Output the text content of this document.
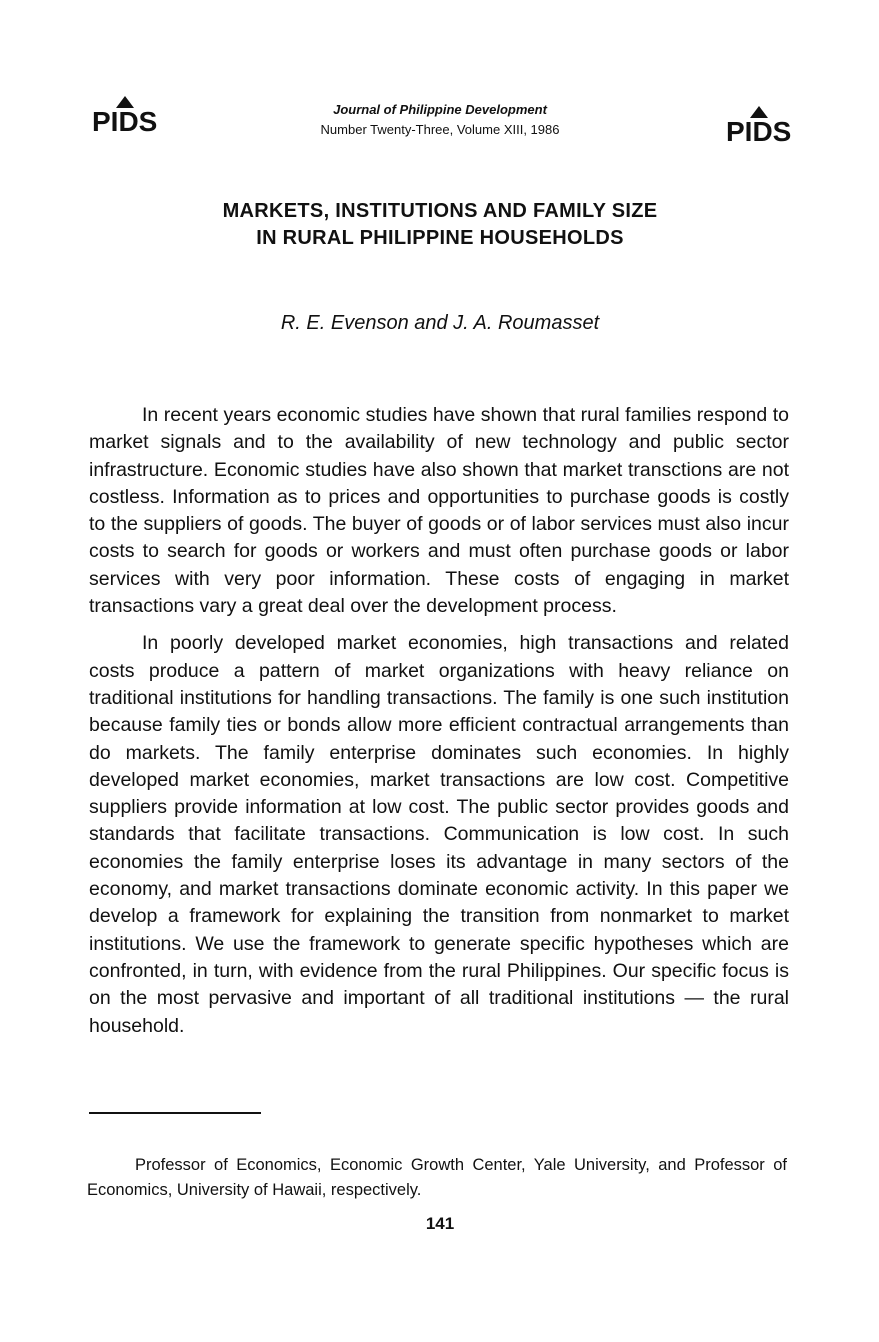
PIDS	Journal of Philippine Development
Number Twenty-Three, Volume XIII, 1986	PIDS
MARKETS, INSTITUTIONS AND FAMILY SIZE
IN RURAL PHILIPPINE HOUSEHOLDS
R. E. Evenson and J. A. Roumasset

In recent years economic studies have shown that rural families respond to market signals and to the availability of new technology and public sector infrastructure. Economic studies have also shown that market transctions are not costless. Information as to prices and opportunities to purchase goods is costly to the suppliers of goods. The buyer of goods or of labor services must also incur costs to search for goods or workers and must often purchase goods or labor services with very poor information. These costs of engaging in market transactions vary a great deal over the development process.

In poorly developed market economies, high transactions and related costs produce a pattern of market organizations with heavy reliance on traditional institutions for handling transactions. The family is one such institution because family ties or bonds allow more efficient contractual arrangements than do markets. The family enterprise dominates such economies. In highly developed market economies, market transactions are low cost. Competitive suppliers provide information at low cost. The public sector provides goods and standards that facilitate transactions. Communication is low cost. In such economies the family enterprise loses its advantage in many sectors of the economy, and market transactions dominate economic activity. In this paper we develop a framework for explaining the transition from nonmarket to market institutions. We use the framework to generate specific hypotheses which are confronted, in turn, with evidence from the rural Philippines. Our specific focus is on the most pervasive and important of all traditional institutions — the rural household.

Professor of Economics, Economic Growth Center, Yale University, and Professor of Economics, University of Hawaii, respectively.
141
